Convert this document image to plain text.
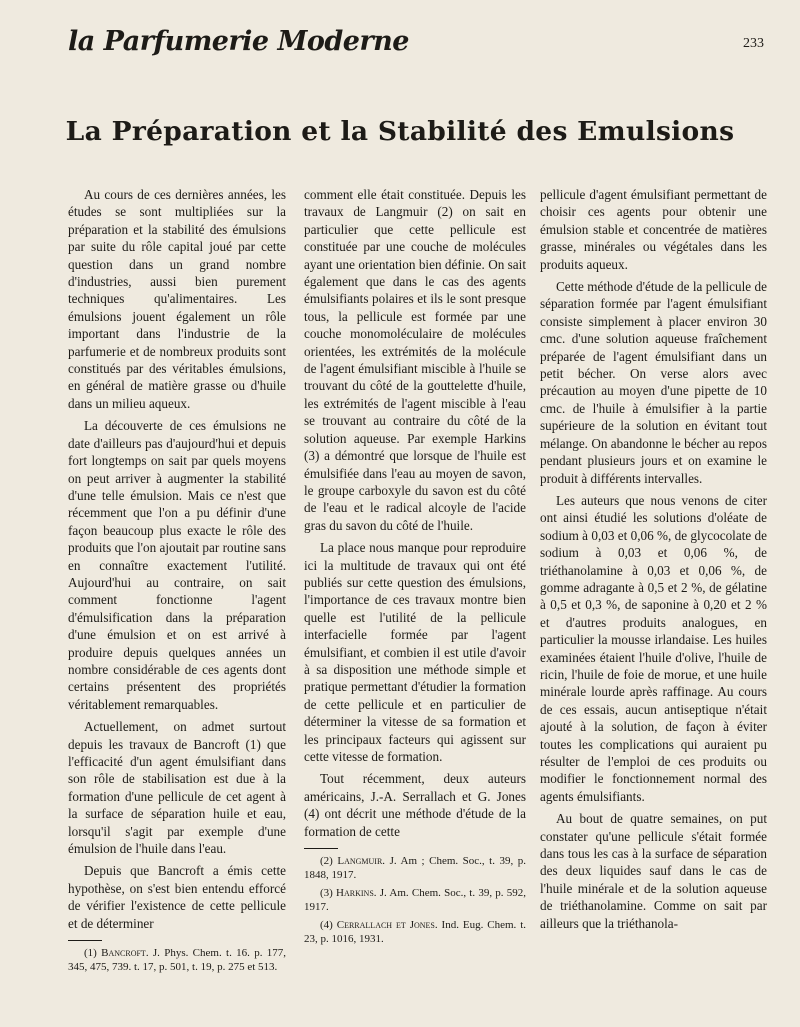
la Parfumerie Moderne	233
La Préparation et la Stabilité des Emulsions

Au cours de ces dernières années, les études se sont multipliées sur la préparation et la stabilité des émulsions par suite du rôle capital joué par cette question dans un grand nombre d'industries, aussi bien purement techniques qu'alimentaires. Les émulsions jouent également un rôle important dans l'industrie de la parfumerie et de nombreux produits sont constitués par des véritables émulsions, en général de matière grasse ou d'huile dans un milieu aqueux.

La découverte de ces émulsions ne date d'ailleurs pas d'aujourd'hui et depuis fort longtemps on sait par quels moyens on peut arriver à augmenter la stabilité d'une telle émulsion. Mais ce n'est que récemment que l'on a pu définir d'une façon beaucoup plus exacte le rôle des produits que l'on ajoutait par routine sans en connaître exactement l'utilité. Aujourd'hui au contraire, on sait comment fonctionne l'agent d'émulsification dans la préparation d'une émulsion et on est arrivé à produire depuis quelques années un nombre considérable de ces agents dont certains présentent des propriétés véritablement remarquables.

Actuellement, on admet surtout depuis les travaux de Bancroft (1) que l'efficacité d'un agent émulsifiant dans son rôle de stabilisation est due à la formation d'une pellicule de cet agent à la surface de séparation huile et eau, lorsqu'il s'agit par exemple d'une émulsion de l'huile dans l'eau.

Depuis que Bancroft a émis cette hypothèse, on s'est bien entendu efforcé de vérifier l'existence de cette pellicule et de déterminer

(1) Bancroft. J. Phys. Chem. t. 16. p. 177, 345, 475, 739. t. 17, p. 501, t. 19, p. 275 et 513.

comment elle était constituée. Depuis les travaux de Langmuir (2) on sait en particulier que cette pellicule est constituée par une couche de molécules ayant une orientation bien définie. On sait également que dans le cas des agents émulsifiants polaires et ils le sont presque tous, la pellicule est formée par une couche monomoléculaire de molécules orientées, les extrémités de la molécule de l'agent émulsifiant miscible à l'huile se trouvant du côté de la gouttelette d'huile, les extrémités de l'agent miscible à l'eau se trouvant au contraire du côté de la solution aqueuse. Par exemple Harkins (3) a démontré que lorsque de l'huile est émulsifiée dans l'eau au moyen de savon, le groupe carboxyle du savon est du côté de l'eau et le radical alcoyle de l'acide gras du savon du côté de l'huile.

La place nous manque pour reproduire ici la multitude de travaux qui ont été publiés sur cette question des émulsions, l'importance de ces travaux montre bien quelle est l'utilité de la pellicule interfacielle formée par l'agent émulsifiant, et combien il est utile d'avoir à sa disposition une méthode simple et pratique permettant d'étudier la formation de cette pellicule et en particulier de déterminer la vitesse de sa formation et les principaux facteurs qui agissent sur cette vitesse de formation.

Tout récemment, deux auteurs américains, J.-A. Serrallach et G. Jones (4) ont décrit une méthode d'étude de la formation de cette

(2) Langmuir. J. Am ; Chem. Soc., t. 39, p. 1848, 1917.

(3) Harkins. J. Am. Chem. Soc., t. 39, p. 592, 1917.

(4) Cerrallach et Jones. Ind. Eug. Chem. t. 23, p. 1016, 1931.

pellicule d'agent émulsifiant permettant de choisir ces agents pour obtenir une émulsion stable et concentrée de matières grasse, minérales ou végétales dans les produits aqueux.

Cette méthode d'étude de la pellicule de séparation formée par l'agent émulsifiant consiste simplement à placer environ 30 cmc. d'une solution aqueuse fraîchement préparée de l'agent émulsifiant dans un petit bécher. On verse alors avec précaution au moyen d'une pipette de 10 cmc. de l'huile à émulsifier à la partie supérieure de la solution en évitant tout mélange. On abandonne le bécher au repos pendant plusieurs jours et on examine le produit à différents intervalles.

Les auteurs que nous venons de citer ont ainsi étudié les solutions d'oléate de sodium à 0,03 et 0,06 %, de glycocolate de sodium à 0,03 et 0,06 %, de triéthanolamine à 0,03 et 0,06 %, de gomme adragante à 0,5 et 2 %, de gélatine à 0,5 et 0,3 %, de saponine à 0,20 et 2 % et d'autres produits analogues, en particulier la mousse irlandaise. Les huiles examinées étaient l'huile d'olive, l'huile de ricin, l'huile de foie de morue, et une huile minérale lourde après raffinage. Au cours de ces essais, aucun antiseptique n'était ajouté à la solution, de façon à éviter toutes les complications qui auraient pu résulter de l'emploi de ces produits ou modifier le fonctionnement normal des agents émulsifiants.

Au bout de quatre semaines, on put constater qu'une pellicule s'était formée dans tous les cas à la surface de séparation des deux liquides sauf dans le cas de l'huile minérale et de la solution aqueuse de triéthanolamine. Comme on sait par ailleurs que la triéthanola-
